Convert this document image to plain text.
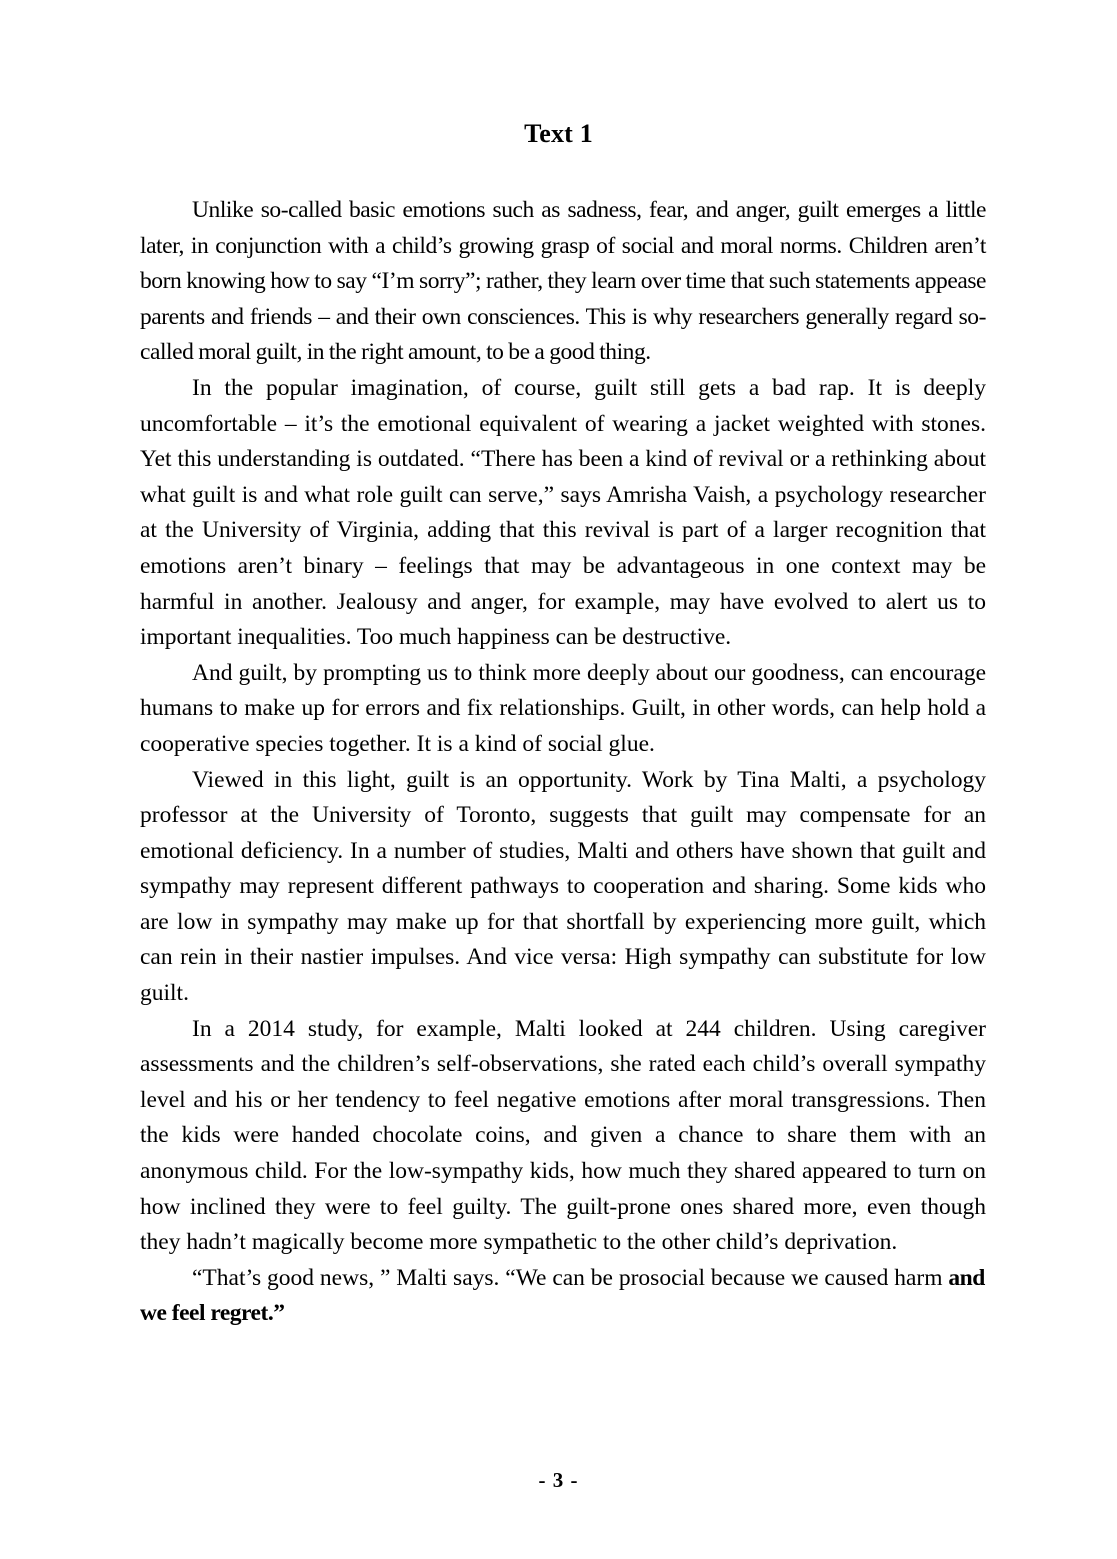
Text 1

Unlike so-called basic emotions such as sadness, fear, and anger, guilt emerges a little later, in conjunction with a child’s growing grasp of social and moral norms. Children aren’t born knowing how to say “I’m sorry”; rather, they learn over time that such statements appease parents and friends – and their own consciences. This is why researchers generally regard so-called moral guilt, in the right amount, to be a good thing.

In the popular imagination, of course, guilt still gets a bad rap. It is deeply uncomfortable – it’s the emotional equivalent of wearing a jacket weighted with stones. Yet this understanding is outdated. “There has been a kind of revival or a rethinking about what guilt is and what role guilt can serve,” says Amrisha Vaish, a psychology researcher at the University of Virginia, adding that this revival is part of a larger recognition that emotions aren’t binary – feelings that may be advantageous in one context may be harmful in another. Jealousy and anger, for example, may have evolved to alert us to important inequalities. Too much happiness can be destructive.

And guilt, by prompting us to think more deeply about our goodness, can encourage humans to make up for errors and fix relationships. Guilt, in other words, can help hold a cooperative species together. It is a kind of social glue.

Viewed in this light, guilt is an opportunity. Work by Tina Malti, a psychology professor at the University of Toronto, suggests that guilt may compensate for an emotional deficiency. In a number of studies, Malti and others have shown that guilt and sympathy may represent different pathways to cooperation and sharing. Some kids who are low in sympathy may make up for that shortfall by experiencing more guilt, which can rein in their nastier impulses. And vice versa: High sympathy can substitute for low guilt.

In a 2014 study, for example, Malti looked at 244 children. Using caregiver assessments and the children’s self-observations, she rated each child’s overall sympathy level and his or her tendency to feel negative emotions after moral transgressions. Then the kids were handed chocolate coins, and given a chance to share them with an anonymous child. For the low-sympathy kids, how much they shared appeared to turn on how inclined they were to feel guilty. The guilt-prone ones shared more, even though they hadn’t magically become more sympathetic to the other child’s deprivation.

“That’s good news, ” Malti says. “We can be prosocial because we caused harm and we feel regret.”

- 3 -
